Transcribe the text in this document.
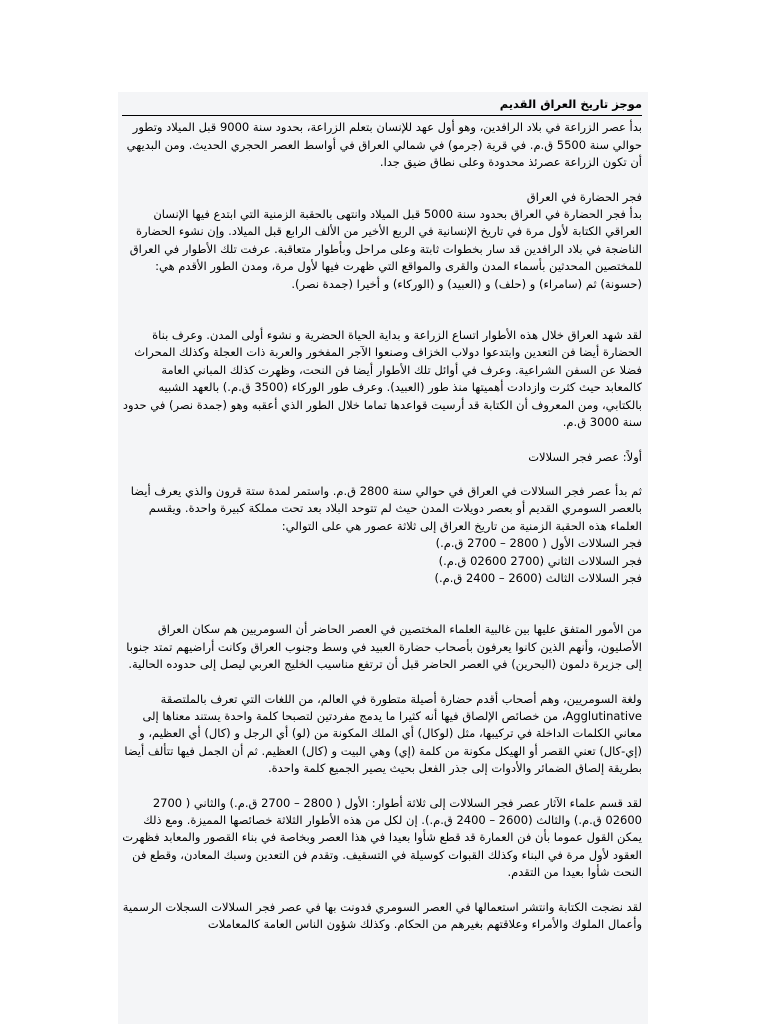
موجز تاريخ العراق القديم

بدأ عصر الزراعة في بلاد الرافدين، وهو أول عهد للإنسان بتعلم الزراعة، بحدود سنة 9000 قبل الميلاد وتطور حوالي سنة 5500 ق.م. في قرية (جرمو) في شمالي العراق في أواسط العصر الحجري الحديث. ومن البديهي أن تكون الزراعة عصرئذ محدودة وعلى نطاق ضيق جدا.

فجر الحضارة في العراق

بدأ فجر الحضارة في العراق بحدود سنة 5000 قبل الميلاد وانتهى بالحقبة الزمنية التي ابتدع فيها الإنسان العراقي الكتابة لأول مرة في تاريخ الإنسانية في الربع الأخير من الألف الرابع قبل الميلاد. وإن نشوء الحضارة الناضجة في بلاد الرافدين قد سار بخطوات ثابتة وعلى مراحل وبأطوار متعاقبة. عرفت تلك الأطوار في العراق للمختصين المحدثين بأسماء المدن والقرى والمواقع التي ظهرت فيها لأول مرة، ومدن الطور الأقدم هي: (حسونة) ثم (سامراء) و (حلف) و (العبيد) و (الوركاء) و أخيرا (جمدة نصر).

لقد شهد العراق خلال هذه الأطوار اتساع الزراعة و بداية الحياة الحضرية و نشوء أولى المدن. وعرف بناة الحضارة أيضا فن التعدين وابتدعوا دولاب الخزاف وصنعوا الآجر المفخور والعربة ذات العجلة وكذلك المحراث فضلا عن السفن الشراعية. وعرف في أوائل تلك الأطوار أيضا فن النحت، وظهرت كذلك المباني العامة كالمعابد حيث كثرت وازدادت أهميتها منذ طور (العبيد). وعرف طور الوركاء (3500 ق.م.) بالعهد الشبيه بالكتابي، ومن المعروف أن الكتابة قد أرسيت قواعدها تماما خلال الطور الذي أعقبه وهو (جمدة نصر) في حدود سنة 3000 ق.م.

أولاً: عصر فجر السلالات

ثم بدأ عصر فجر السلالات في العراق في حوالي سنة 2800 ق.م. واستمر لمدة ستة قرون والذي يعرف أيضا بالعصر السومري القديم أو بعصر دويلات المدن حيث لم تتوحد البلاد بعد تحت مملكة كبيرة واحدة. ويقسم العلماء هذه الحقبة الزمنية من تاريخ العراق إلى ثلاثة عصور هي على التوالي:

فجر السلالات الأول ( 2800 – 2700 ق.م.)

فجر السلالات الثاني (2700 02600 ق.م.)

فجر السلالات الثالث (2600 – 2400 ق.م.)

من الأمور المتفق عليها بين غالبية العلماء المختصين في العصر الحاضر أن السومريين هم سكان العراق الأصليون، وأنهم الذين كانوا يعرفون بأصحاب حضارة العبيد في وسط وجنوب العراق وكانت أراضيهم تمتد جنوبا إلى جزيرة دلمون (البحرين) في العصر الحاضر قبل أن ترتفع مناسيب الخليج العربي ليصل إلى حدوده الحالية.

ولغة السومريين، وهم أصحاب أقدم حضارة أصيلة متطورة في العالم، من اللغات التي تعرف بالملتصقة Agglutinative، من خصائص الإلصاق فيها أنه كثيرا ما يدمج مفردتين لتصبحا كلمة واحدة يستند معناها إلى معاني الكلمات الداخلة في تركيبها، مثل (لوكال) أي الملك المكونة من (لو) أي الرجل و (كال) أي العظيم، و (إي-كال) تعني القصر أو الهيكل مكونة من كلمة (إي) وهي البيت و (كال) العظيم. ثم أن الجمل فيها تتألف أيضا بطريقة إلصاق الضمائر والأدوات إلى جذر الفعل بحيث يصير الجميع كلمة واحدة.

لقد قسم علماء الآثار عصر فجر السلالات إلى ثلاثة أطوار: الأول ( 2800 – 2700 ق.م.) والثاني ( 2700 02600 ق.م.) والثالث (2600 – 2400 ق.م.). إن لكل من هذه الأطوار الثلاثة خصائصها المميزة. ومع ذلك يمكن القول عموما بأن فن العمارة قد قطع شأوا بعيدا في هذا العصر وبخاصة في بناء القصور والمعابد فظهرت العقود لأول مرة في البناء وكذلك القبوات كوسيلة في التسقيف. وتقدم فن التعدين وسبك المعادن، وقطع فن النحت شأوا بعيدا من التقدم.

لقد نضجت الكتابة وانتشر استعمالها في العصر السومري فدونت بها في عصر فجر السلالات السجلات الرسمية وأعمال الملوك والأمراء وعلاقتهم بغيرهم من الحكام. وكذلك شؤون الناس العامة كالمعاملات
